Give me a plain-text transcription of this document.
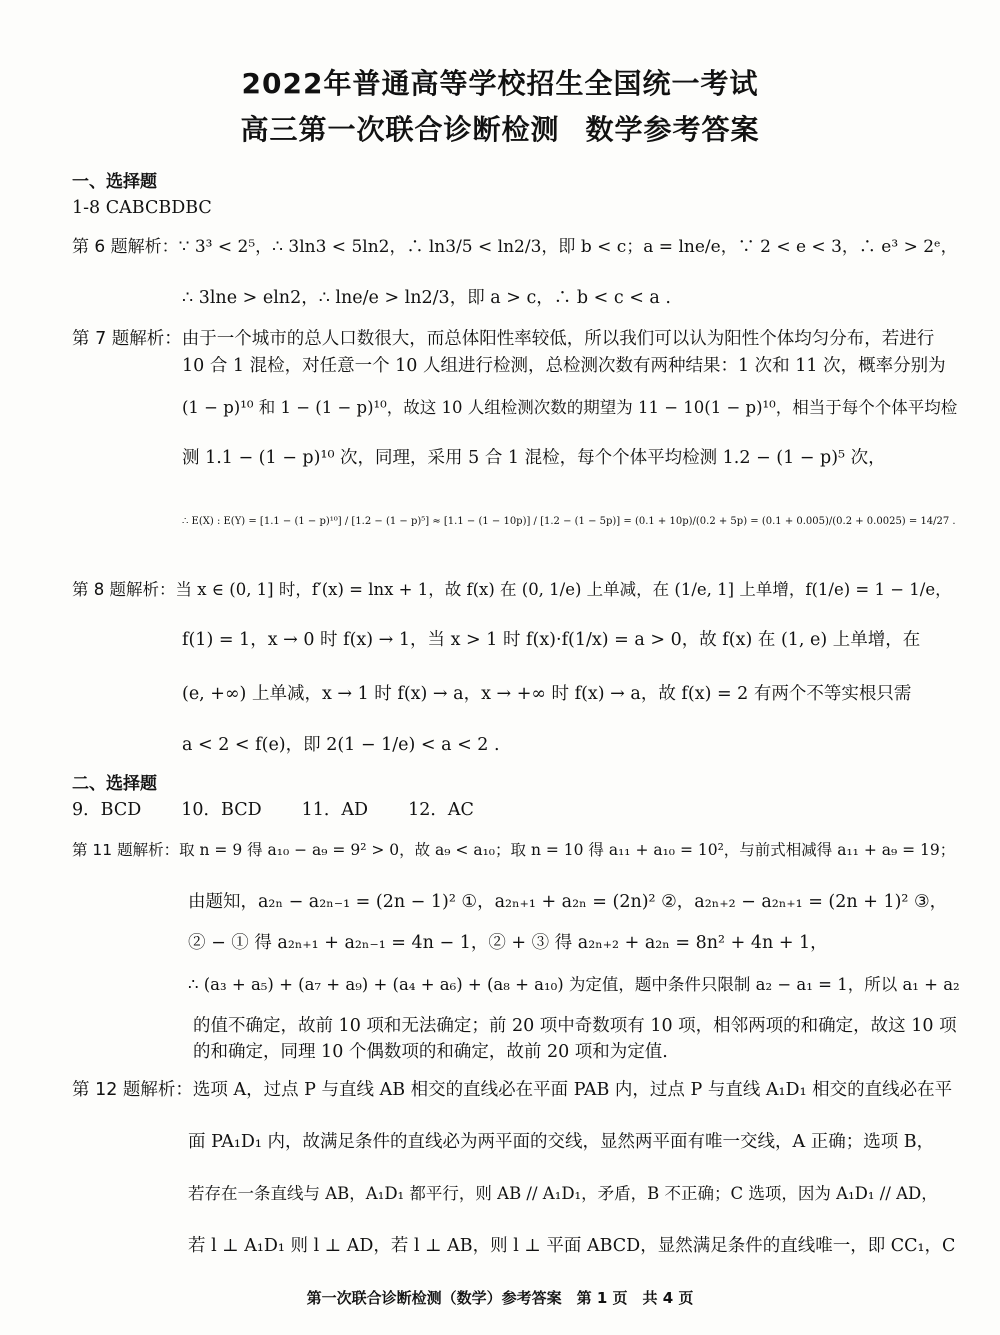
2022年普通高等学校招生全国统一考试
高三第一次联合诊断检测 数学参考答案
一、选择题
1-8 CABCBDBC
第 6 题解析：∵ 3³ < 2⁵，∴ 3ln3 < 5ln2，∴ ln3/5 < ln2/3，即 b < c；a = lne/e，∵ 2 < e < 3，∴ e³ > 2ᵉ，
∴ 3lne > eln2，∴ lne/e > ln2/3，即 a > c，∴ b < c < a .
第 7 题解析：由于一个城市的总人口数很大，而总体阳性率较低，所以我们可以认为阳性个体均匀分布，若进行
10 合 1 混检，对任意一个 10 人组进行检测，总检测次数有两种结果：1 次和 11 次，概率分别为
(1 − p)¹⁰ 和 1 − (1 − p)¹⁰，故这 10 人组检测次数的期望为 11 − 10(1 − p)¹⁰，相当于每个个体平均检
测 1.1 − (1 − p)¹⁰ 次，同理，采用 5 合 1 混检，每个个体平均检测 1.2 − (1 − p)⁵ 次，
∴ E(X) : E(Y) = [1.1 − (1 − p)¹⁰] / [1.2 − (1 − p)⁵] ≈ [1.1 − (1 − 10p)] / [1.2 − (1 − 5p)] = (0.1 + 10p)/(0.2 + 5p) = (0.1 + 0.005)/(0.2 + 0.0025) = 14/27 .
第 8 题解析：当 x ∈ (0, 1] 时，f′(x) = lnx + 1，故 f(x) 在 (0, 1/e) 上单减，在 (1/e, 1] 上单增，f(1/e) = 1 − 1/e，
f(1) = 1，x → 0 时 f(x) → 1，当 x > 1 时 f(x)·f(1/x) = a > 0，故 f(x) 在 (1, e) 上单增，在
(e, +∞) 上单减，x → 1 时 f(x) → a，x → +∞ 时 f(x) → a，故 f(x) = 2 有两个不等实根只需
a < 2 < f(e)，即 2(1 − 1/e) < a < 2 .
二、选择题
9．BCD 10．BCD 11．AD 12．AC
第 11 题解析：取 n = 9 得 a₁₀ − a₉ = 9² > 0，故 a₉ < a₁₀；取 n = 10 得 a₁₁ + a₁₀ = 10²，与前式相减得 a₁₁ + a₉ = 19；
由题知，a₂ₙ − a₂ₙ₋₁ = (2n − 1)² ①，a₂ₙ₊₁ + a₂ₙ = (2n)² ②，a₂ₙ₊₂ − a₂ₙ₊₁ = (2n + 1)² ③，
② − ① 得 a₂ₙ₊₁ + a₂ₙ₋₁ = 4n − 1，② + ③ 得 a₂ₙ₊₂ + a₂ₙ = 8n² + 4n + 1，
∴ (a₃ + a₅) + (a₇ + a₉) + (a₄ + a₆) + (a₈ + a₁₀) 为定值，题中条件只限制 a₂ − a₁ = 1，所以 a₁ + a₂
的值不确定，故前 10 项和无法确定；前 20 项中奇数项有 10 项，相邻两项的和确定，故这 10 项
的和确定，同理 10 个偶数项的和确定，故前 20 项和为定值.
第 12 题解析：选项 A，过点 P 与直线 AB 相交的直线必在平面 PAB 内，过点 P 与直线 A₁D₁ 相交的直线必在平
面 PA₁D₁ 内，故满足条件的直线必为两平面的交线，显然两平面有唯一交线，A 正确；选项 B，
若存在一条直线与 AB，A₁D₁ 都平行，则 AB // A₁D₁，矛盾，B 不正确；C 选项，因为 A₁D₁ // AD，
若 l ⊥ A₁D₁ 则 l ⊥ AD，若 l ⊥ AB，则 l ⊥ 平面 ABCD，显然满足条件的直线唯一，即 CC₁，C
第一次联合诊断检测（数学）参考答案　第 1 页　共 4 页
